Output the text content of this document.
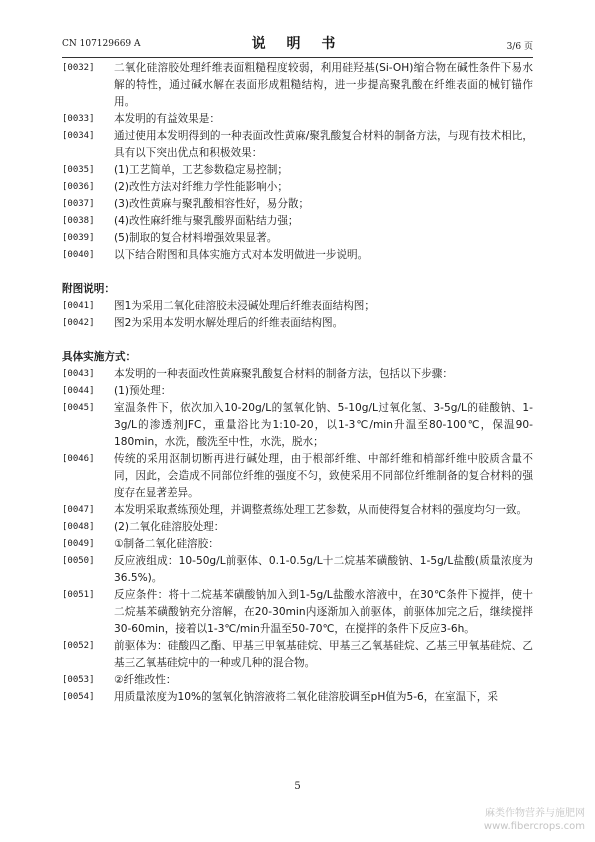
CN 107129669 A	说 明 书	3/6 页
[0032] 二氧化硅溶胶处理纤维表面粗糙程度较弱，利用硅羟基(Si-OH)缩合物在碱性条件下易水解的特性，通过碱水解在表面形成粗糙结构，进一步提高聚乳酸在纤维表面的械钉锚作用。
[0033] 本发明的有益效果是：
[0034] 通过使用本发明得到的一种表面改性黄麻/聚乳酸复合材料的制备方法，与现有技术相比，具有以下突出优点和积极效果：
[0035] (1)工艺简单，工艺参数稳定易控制；
[0036] (2)改性方法对纤维力学性能影响小；
[0037] (3)改性黄麻与聚乳酸相容性好，易分散；
[0038] (4)改性麻纤维与聚乳酸界面粘结力强；
[0039] (5)制取的复合材料增强效果显著。
[0040] 以下结合附图和具体实施方式对本发明做进一步说明。
附图说明：
[0041] 图1为采用二氧化硅溶胶未浸碱处理后纤维表面结构图；
[0042] 图2为采用本发明水解处理后的纤维表面结构图。
具体实施方式：
[0043] 本发明的一种表面改性黄麻聚乳酸复合材料的制备方法，包括以下步骤：
[0044] (1)预处理：
[0045] 室温条件下，依次加入10-20g/L的氢氧化钠、5-10g/L过氧化氢、3-5g/L的硅酸钠、1-3g/L的渗透剂JFC，重量浴比为1:10-20，以1-3℃/min升温至80-100℃，保温90-180min，水洗，酸洗至中性，水洗，脱水；
[0046] 传统的采用沤制切断再进行碱处理，由于根部纤维、中部纤维和梢部纤维中胶质含量不同，因此，会造成不同部位纤维的强度不匀，致使采用不同部位纤维制备的复合材料的强度存在显著差异。
[0047] 本发明采取煮练预处理，并调整煮练处理工艺参数，从而使得复合材料的强度均匀一致。
[0048] (2)二氧化硅溶胶处理：
[0049] ①制备二氧化硅溶胶：
[0050] 反应液组成：10-50g/L前驱体、0.1-0.5g/L十二烷基苯磺酸钠、1-5g/L盐酸(质量浓度为36.5%)。
[0051] 反应条件：将十二烷基苯磺酸钠加入到1-5g/L盐酸水溶液中，在30℃条件下搅拌，使十二烷基苯磺酸钠充分溶解，在20-30min内逐渐加入前驱体，前驱体加完之后，继续搅拌30-60min，接着以1-3℃/min升温至50-70℃，在搅拌的条件下反应3-6h。
[0052] 前驱体为：硅酸四乙酯、甲基三甲氧基硅烷、甲基三乙氧基硅烷、乙基三甲氧基硅烷、乙基三乙氧基硅烷中的一种或几种的混合物。
[0053] ②纤维改性：
[0054] 用质量浓度为10%的氢氧化钠溶液将二氧化硅溶胶调至pH值为5-6，在室温下，采
5
麻类作物营养与施肥网
www.fibercrops.com
